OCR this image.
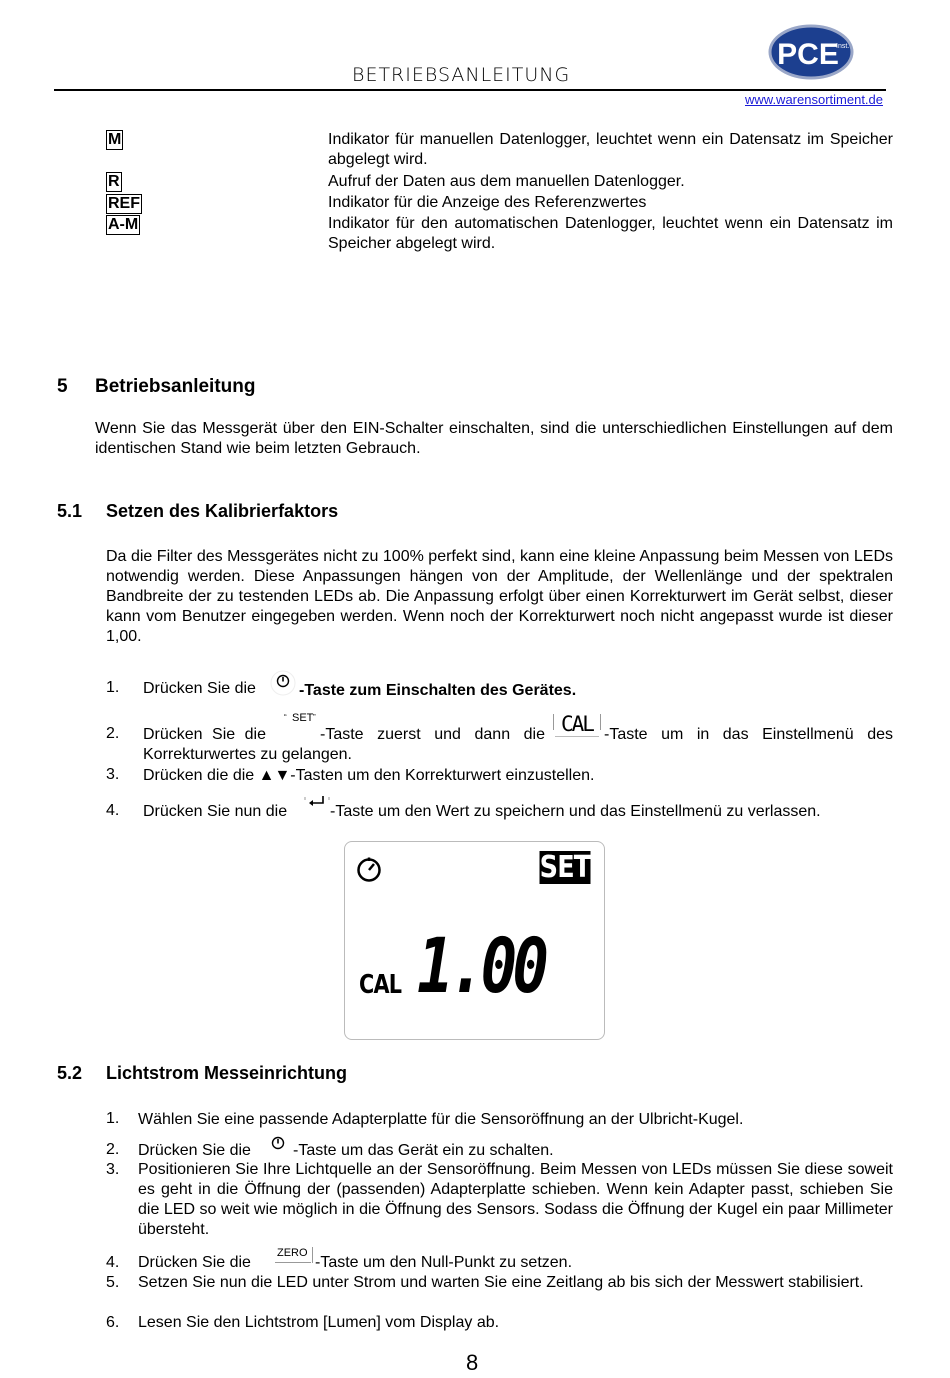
PCE
Inst.
BETRIEBSANLEITUNG
www.warensortiment.de
M	Indikator für manuellen Datenlogger, leuchtet wenn ein Datensatz im Speicher abgelegt wird.
R	Aufruf der Daten aus dem manuellen Datenlogger.
REF	Indikator für die Anzeige des Referenzwertes
A-M	Indikator für den automatischen Datenlogger, leuchtet wenn ein Datensatz im Speicher abgelegt wird.
5 Betriebsanleitung
Wenn Sie das Messgerät über den EIN-Schalter einschalten, sind die unterschiedlichen Einstellungen auf dem identischen Stand wie beim letzten Gebrauch.
5.1 Setzen des Kalibrierfaktors
Da die Filter des Messgerätes nicht zu 100% perfekt sind, kann eine kleine Anpassung beim Messen von LEDs notwendig werden. Diese Anpassungen hängen von der Amplitude, der Wellenlänge und der spektralen Bandbreite der zu testenden LEDs ab. Die Anpassung erfolgt über einen Korrekturwert im Gerät selbst, dieser kann vom Benutzer eingegeben werden. Wenn noch der Korrekturwert noch nicht angepasst wurde ist dieser 1,00.
1. Drücken Sie die	-Taste zum Einschalten des Gerätes.
2. Drücken Sie die
“ SET ”
-Taste zuerst und dann die CAL -Taste um in das Einstellmenü des Korrekturwertes zu gelangen.
3. Drücken die die ▲▼-Tasten um den Korrekturwert einzustellen.
4. Drücken Sie nun die	-Taste um den Wert zu speichern und das Einstellmenü zu verlassen.
SET
CAL 1.00
5.2 Lichtstrom Messeinrichtung
1. Wählen Sie eine passende Adapterplatte für die Sensoröffnung an der Ulbricht-Kugel.
2. Drücken Sie die	-Taste um das Gerät ein zu schalten.
3. Positionieren Sie Ihre Lichtquelle an der Sensoröffnung. Beim Messen von LEDs müssen Sie diese soweit es geht in die Öffnung der (passenden) Adapterplatte schieben. Wenn kein Adapter passt, schieben Sie die LED so weit wie möglich in die Öffnung des Sensors. Sodass die Öffnung der Kugel ein paar Millimeter übersteht.
4. Drücken Sie die
ZERO
-Taste um den Null-Punkt zu setzen.
5. Setzen Sie nun die LED unter Strom und warten Sie eine Zeitlang ab bis sich der Messwert stabilisiert.
6. Lesen Sie den Lichtstrom [Lumen] vom Display ab.
8
